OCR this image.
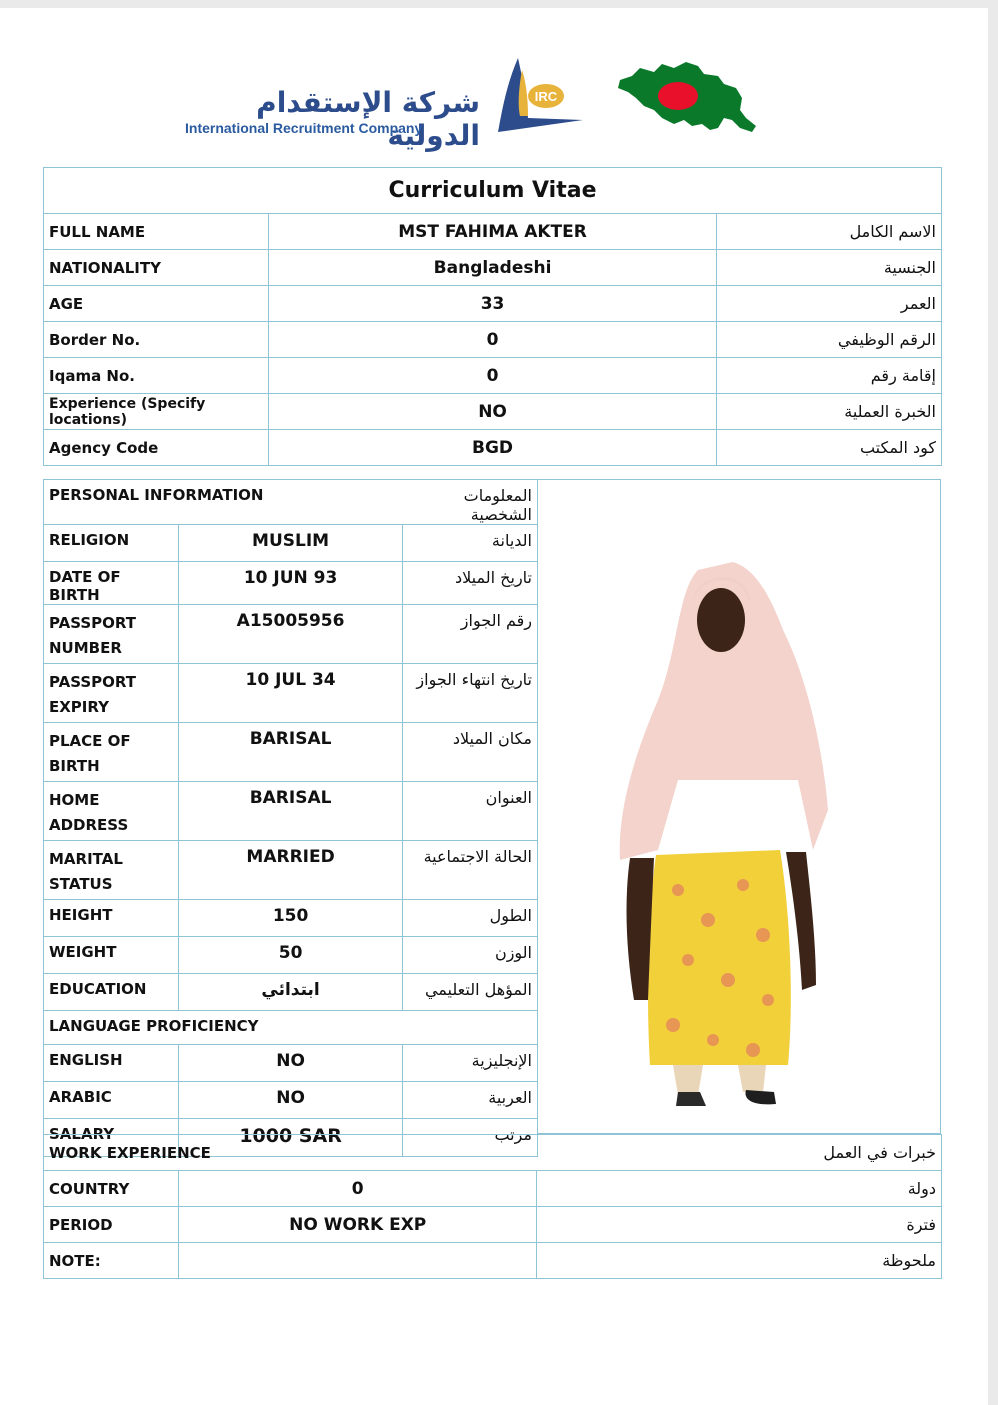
شركة الإستقدام الدولية
International Recruitment Company
IRC
Curriculum Vitae		
FULL NAME	MST FAHIMA AKTER	الاسم الكامل
NATIONALITY	Bangladeshi	الجنسية
AGE	33	العمر
Border No.	0	الرقم الوظيفي
Iqama No.	0	إقامة رقم
Experience (Specify locations)	NO	الخبرة العملية
Agency Code	BGD	كود المكتب
PERSONAL INFORMATION		المعلومات الشخصية
RELIGION	MUSLIM	الديانة
DATE OF BIRTH	10 JUN 93	تاريخ الميلاد
PASSPORT NUMBER	A15005956	رقم الجواز
PASSPORT EXPIRY	10 JUL 34	تاريخ انتهاء الجواز
PLACE OF BIRTH	BARISAL	مكان الميلاد
HOME ADDRESS	BARISAL	العنوان
MARITAL STATUS	MARRIED	الحالة الاجتماعية
HEIGHT	150	الطول
WEIGHT	50	الوزن
EDUCATION	ابتدائي	المؤهل التعليمي
LANGUAGE PROFICIENCY		
ENGLISH	NO	الإنجليزية
ARABIC	NO	العربية
SALARY	1000 SAR	مرتب
WORK EXPERIENCE		خبرات في العمل
COUNTRY	0	دولة
PERIOD	NO WORK EXP	فترة
NOTE:		ملحوظة
